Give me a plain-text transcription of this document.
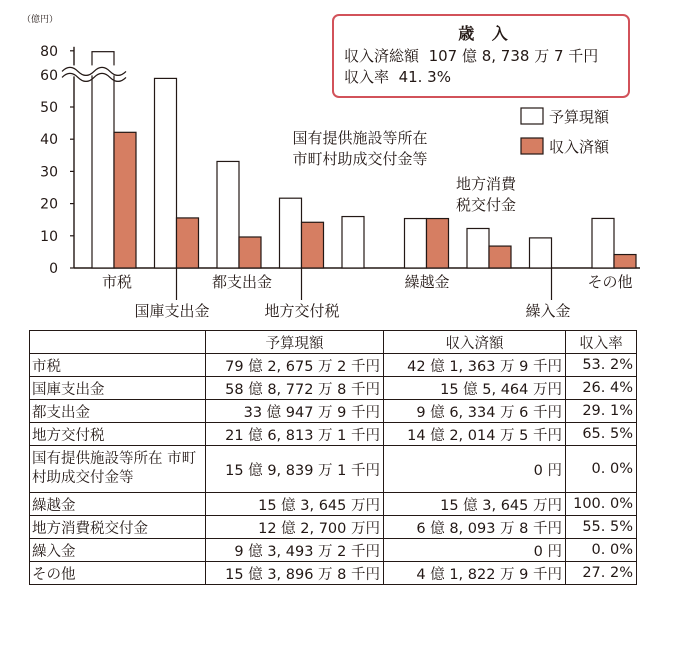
（億円）
0
10
20
30
40
50
60
80
市税
国庫支出金
都支出金
地方交付税
国有提供施設等所在
市町村助成交付金等
繰越金
地方消費
税交付金
繰入金
その他
予算現額
収入済額
歳 入
収入済総額 107 億 8, 738 万 7 千円
収入率 41. 3%
	予算現額	収入済額	収入率
市税	79 億 2, 675 万 2 千円	42 億 1, 363 万 9 千円	53. 2%
国庫支出金	58 億 8, 772 万 8 千円	15 億 5, 464 万円	26. 4%
都支出金	33 億 947 万 9 千円	9 億 6, 334 万 6 千円	29. 1%
地方交付税	21 億 6, 813 万 1 千円	14 億 2, 014 万 5 千円	65. 5%
国有提供施設等所在 市町村助成交付金等	15 億 9, 839 万 1 千円	0 円	0. 0%
繰越金	15 億 3, 645 万円	15 億 3, 645 万円	100. 0%
地方消費税交付金	12 億 2, 700 万円	6 億 8, 093 万 8 千円	55. 5%
繰入金	9 億 3, 493 万 2 千円	0 円	0. 0%
その他	15 億 3, 896 万 8 千円	4 億 1, 822 万 9 千円	27. 2%
